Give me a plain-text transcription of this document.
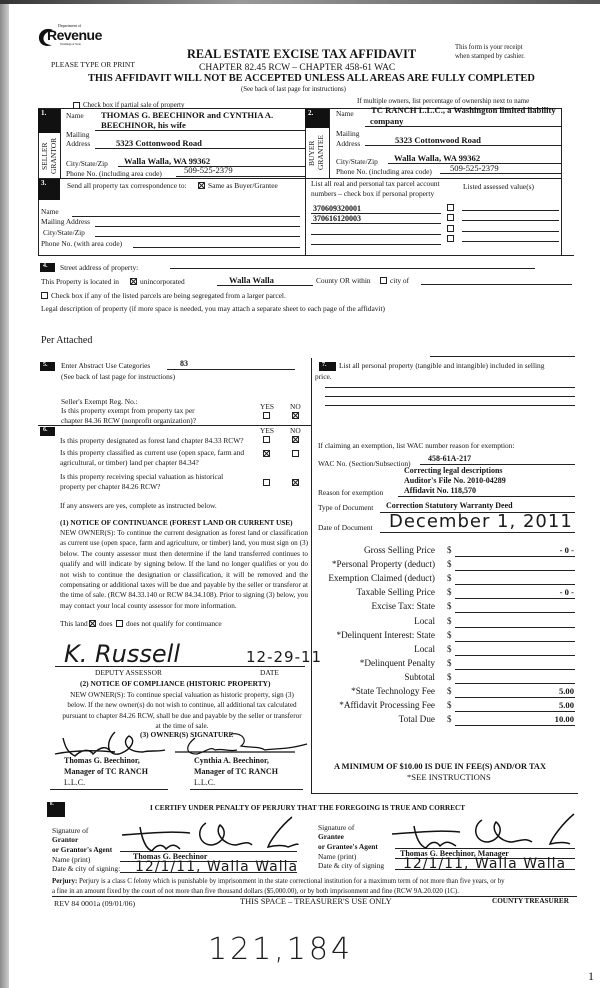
Department of
Revenue
Washington State
PLEASE TYPE OR PRINT
REAL ESTATE EXCISE TAX AFFIDAVIT
CHAPTER 82.45 RCW – CHAPTER 458-61 WAC
THIS AFFIDAVIT WILL NOT BE ACCEPTED UNLESS ALL AREAS ARE FULLY COMPLETED
(See back of last page for instructions)
This form is your receipt
when stamped by cashier.
Check box if partial sale of property	If multiple owners, list percentage of ownership next to name
1.
SELLER
GRANTOR
Name THOMAS G. BEECHINOR and CYNTHIA A.
BEECHINOR, his wife
Mailing
Address	5323 Cottonwood Road
City/State/Zip Walla Walla, WA 99362
Phone No. (including area code)	509-525-2379
2.
BUYER
GRANTEE
Name TC RANCH L.L.C., a Washington limited liability
company
Mailing
Address	5323 Cottonwood Road
City/State/Zip Walla Walla, WA 99362
Phone No. (including area code) 509-525-2379
3.	Send all property tax correspondence to:	Same as Buyer/Grantee
Name
Mailing Address
City/State/Zip
Phone No. (with area code)
List all real and personal tax parcel account
numbers – check box if personal property
Listed assessed value(s)
370609320001
370616120003
4.	Street address of property:
This Property is located in	unincorporated	Walla Walla	County OR within	city of
Check box if any of the listed parcels are being segregated from a larger parcel.
Legal description of property (if more space is needed, you may attach a separate sheet to each page of the affidavit)
Per Attached
5.	Enter Abstract Use Categories	83
(See back of last page for instructions)
Seller's Exempt Reg. No.:
Is this property exempt from property tax per
chapter 84.36 RCW (nonprofit organization)?
YES NO
7.	List all personal property (tangible and intangible) included in selling
price.
6.	YES NO
Is this property designated as forest land chapter 84.33 RCW?
Is this property classified as current use (open space, farm and
agricultural, or timber) land per chapter 84.34?
Is this property receiving special valuation as historical
property per chapter 84.26 RCW?
If any answers are yes, complete as instructed below.
(1) NOTICE OF CONTINUANCE (FOREST LAND OR CURRENT USE)
NEW OWNER(S): To continue the current designation as forest land or classification as current use (open space, farm and agriculture, or timber) land, you must sign on (3) below. The county assessor must then determine if the land transferred continues to qualify and will indicate by signing below. If the land no longer qualifies or you do not wish to continue the designation or classification, it will be removed and the compensating or additional taxes will be due and payable by the seller or transferor at the time of sale. (RCW 84.33.140 or RCW 84.34.108). Prior to signing (3) below, you may contact your local county assessor for more information.
This land does does not qualify for continuance
K. Russell	12-29-11
DEPUTY ASSESSOR	DATE
(2) NOTICE OF COMPLIANCE (HISTORIC PROPERTY)
NEW OWNER(S): To continue special valuation as historic property, sign (3) below. If the new owner(s) do not wish to continue, all additional tax calculated pursuant to chapter 84.26 RCW, shall be due and payable by the seller or transferor at the time of sale.
(3) OWNER(S) SIGNATURE
Thomas G. Beechinor,
Manager of TC RANCH
L.L.C.
Cynthia A. Beechinor,
Manager of TC RANCH
L.L.C.
If claiming an exemption, list WAC number reason for exemption:
WAC No. (Section/Subsection)
458-61A-217
Correcting legal descriptions
Auditor's File No. 2010-04289
Reason for exemption	Affidavit No. 118,570
Type of Document Correction Statutory Warranty Deed
Date of Document December 1, 2011
Gross Selling Price $	- 0 -
*Personal Property (deduct) $
Exemption Claimed (deduct) $
Taxable Selling Price $	- 0 -
Excise Tax: State $
Local $
*Delinquent Interest: State $
Local $
*Delinquent Penalty $
Subtotal $
*State Technology Fee $	5.00
*Affidavit Processing Fee $	5.00
Total Due $	10.00
A MINIMUM OF $10.00 IS DUE IN FEE(S) AND/OR TAX
*SEE INSTRUCTIONS
8.	I CERTIFY UNDER PENALTY OF PERJURY THAT THE FOREGOING IS TRUE AND CORRECT
Signature of
Grantor
or Grantor's Agent
Name (print)
Date & city of signing:
Thomas G. Beechinor
12/1/11, Walla Walla
Signature of
Grantee
or Grantee's Agent
Name (print)
Date & city of signing
Thomas G. Beechinor, Manager
12/1/11, Walla Walla
Perjury: Perjury is a class C felony which is punishable by imprisonment in the state correctional institution for a maximum term of not more than five years, or by
a fine in an amount fixed by the court of not more than five thousand dollars ($5,000.00), or by both imprisonment and fine (RCW 9A.20.020 (1C).
REV 84 0001a (09/01/06)	THIS SPACE – TREASURER'S USE ONLY	COUNTY TREASURER
121,184
1
